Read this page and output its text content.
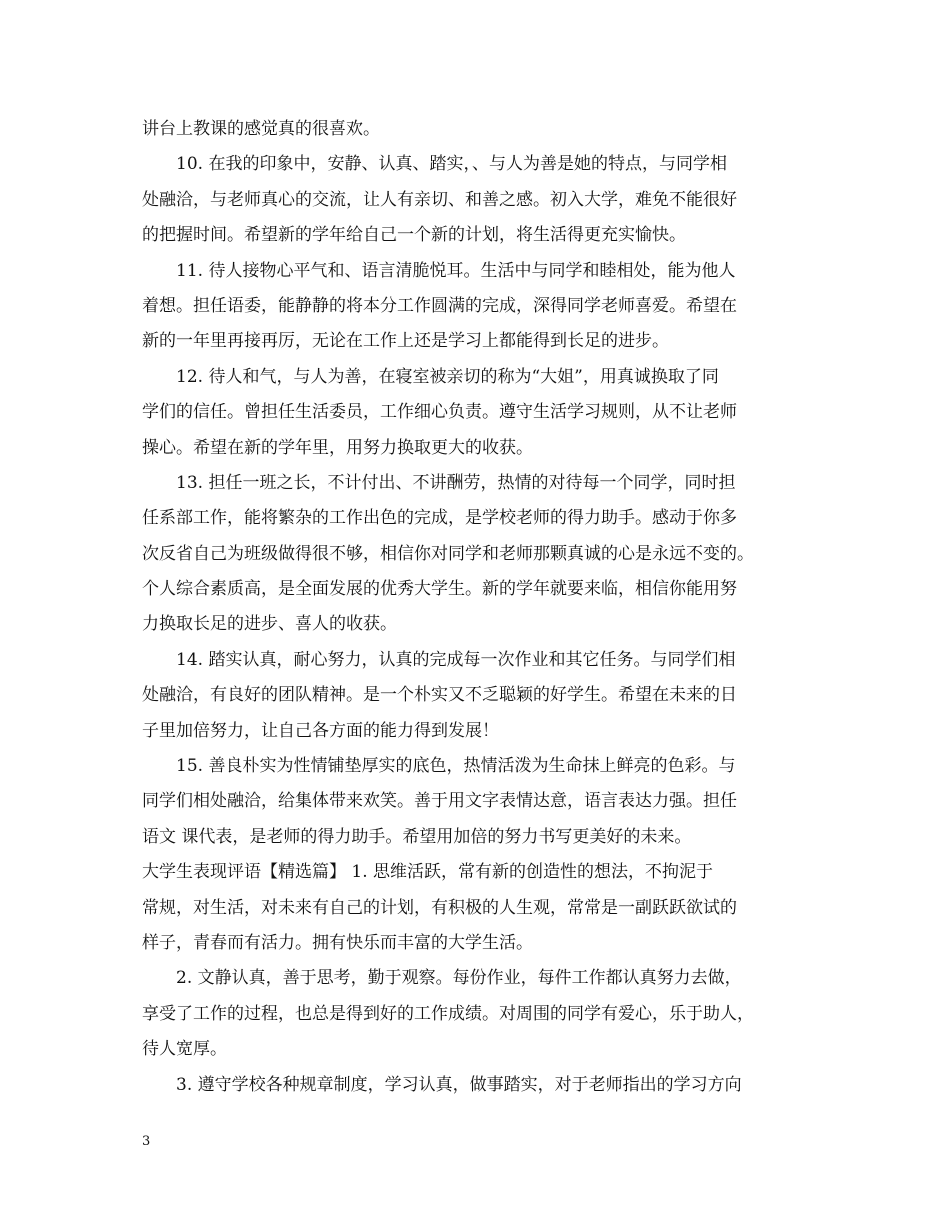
讲台上教课的感觉真的很喜欢。
10. 在我的印象中，安静、认真、踏实，、与人为善是她的特点，与同学相
处融洽，与老师真心的交流，让人有亲切、和善之感。初入大学，难免不能很好
的把握时间。希望新的学年给自己一个新的计划，将生活得更充实愉快。
11. 待人接物心平气和、语言清脆悦耳。生活中与同学和睦相处，能为他人
着想。担任语委，能静静的将本分工作圆满的完成，深得同学老师喜爱。希望在
新的一年里再接再厉，无论在工作上还是学习上都能得到长足的进步。
12. 待人和气，与人为善，在寝室被亲切的称为“大姐”，用真诚换取了同
学们的信任。曾担任生活委员，工作细心负责。遵守生活学习规则，从不让老师
操心。希望在新的学年里，用努力换取更大的收获。
13. 担任一班之长，不计付出、不讲酬劳，热情的对待每一个同学，同时担
任系部工作，能将繁杂的工作出色的完成，是学校老师的得力助手。感动于你多
次反省自己为班级做得很不够，相信你对同学和老师那颗真诚的心是永远不变的。
个人综合素质高，是全面发展的优秀大学生。新的学年就要来临，相信你能用努
力换取长足的进步、喜人的收获。
14. 踏实认真，耐心努力，认真的完成每一次作业和其它任务。与同学们相
处融洽，有良好的团队精神。是一个朴实又不乏聪颖的好学生。希望在未来的日
子里加倍努力，让自己各方面的能力得到发展！
15. 善良朴实为性情铺垫厚实的底色，热情活泼为生命抹上鲜亮的色彩。与
同学们相处融洽，给集体带来欢笑。善于用文字表情达意，语言表达力强。担任
语文 课代表，是老师的得力助手。希望用加倍的努力书写更美好的未来。
大学生表现评语【精选篇】 1. 思维活跃，常有新的创造性的想法，不拘泥于
常规，对生活，对未来有自己的计划，有积极的人生观，常常是一副跃跃欲试的
样子，青春而有活力。拥有快乐而丰富的大学生活。
2. 文静认真，善于思考，勤于观察。每份作业，每件工作都认真努力去做，
享受了工作的过程，也总是得到好的工作成绩。对周围的同学有爱心，乐于助人，
待人宽厚。
3. 遵守学校各种规章制度，学习认真，做事踏实，对于老师指出的学习方向
3
